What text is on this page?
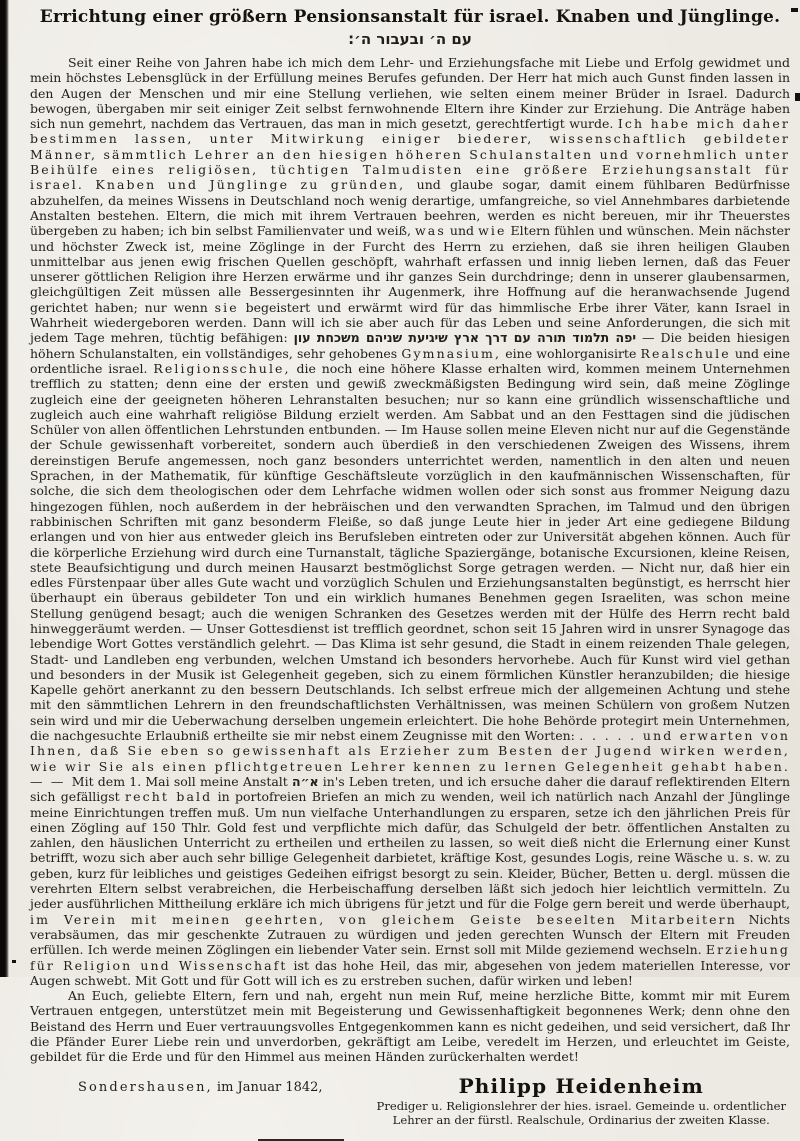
Errichtung einer größern Pensionsanstalt für israel. Knaben und Jünglinge.
עם ה׳ ובעבור ה׳:

Seit einer Reihe von Jahren habe ich mich dem Lehr- und Erziehungsfache mit Liebe und Erfolg gewidmet und mein höchstes Lebensglück in der Erfüllung meines Berufes gefunden. Der Herr hat mich auch Gunst finden lassen in den Augen der Menschen und mir eine Stellung verliehen, wie selten einem meiner Brüder in Israel. Dadurch bewogen, übergaben mir seit einiger Zeit selbst fernwohnende Eltern ihre Kinder zur Erziehung. Die Anträge haben sich nun gemehrt, nachdem das Vertrauen, das man in mich gesetzt, gerechtfertigt wurde. Ich habe mich daher bestimmen lassen, unter Mitwirkung einiger biederer, wissenschaftlich gebildeter Männer, sämmtlich Lehrer an den hiesigen höheren Schulanstalten und vornehmlich unter Beihülfe eines religiösen, tüchtigen Talmudisten eine größere Erziehungsanstalt für israel. Knaben und Jünglinge zu gründen, und glaube sogar, damit einem fühlbaren Bedürfnisse abzuhelfen, da meines Wissens in Deutschland noch wenig derartige, umfangreiche, so viel Annehmbares darbietende Anstalten bestehen. Eltern, die mich mit ihrem Vertrauen beehren, werden es nicht bereuen, mir ihr Theuerstes übergeben zu haben; ich bin selbst Familienvater und weiß, was und wie Eltern fühlen und wünschen. Mein nächster und höchster Zweck ist, meine Zöglinge in der Furcht des Herrn zu erziehen, daß sie ihren heiligen Glauben unmittelbar aus jenen ewig frischen Quellen geschöpft, wahrhaft erfassen und innig lieben lernen, daß das Feuer unserer göttlichen Religion ihre Herzen erwärme und ihr ganzes Sein durchdringe; denn in unserer glaubensarmen, gleichgültigen Zeit müssen alle Bessergesinnten ihr Augenmerk, ihre Hoffnung auf die heranwachsende Jugend gerichtet haben; nur wenn sie begeistert und erwärmt wird für das himmlische Erbe ihrer Väter, kann Israel in Wahrheit wiedergeboren werden. Dann will ich sie aber auch für das Leben und seine Anforderungen, die sich mit jedem Tage mehren, tüchtig befähigen: יפה תלמוד תורה עם דרך ארץ שיגיעת שניהם משכחת עון — Die beiden hiesigen höhern Schulanstalten, ein vollständiges, sehr gehobenes Gymnasium, eine wohlorganisirte Realschule und eine ordentliche israel. Religionsschule, die noch eine höhere Klasse erhalten wird, kommen meinem Unternehmen trefflich zu statten; denn eine der ersten und gewiß zweckmäßigsten Bedingung wird sein, daß meine Zöglinge zugleich eine der geeigneten höheren Lehranstalten besuchen; nur so kann eine gründlich wissenschaftliche und zugleich auch eine wahrhaft religiöse Bildung erzielt werden. Am Sabbat und an den Festtagen sind die jüdischen Schüler von allen öffentlichen Lehrstunden entbunden. — Im Hause sollen meine Eleven nicht nur auf die Gegenstände der Schule gewissenhaft vorbereitet, sondern auch überdieß in den verschiedenen Zweigen des Wissens, ihrem dereinstigen Berufe angemessen, noch ganz besonders unterrichtet werden, namentlich in den alten und neuen Sprachen, in der Mathematik, für künftige Geschäftsleute vorzüglich in den kaufmännischen Wissenschaften, für solche, die sich dem theologischen oder dem Lehrfache widmen wollen oder sich sonst aus frommer Neigung dazu hingezogen fühlen, noch außerdem in der hebräischen und den verwandten Sprachen, im Talmud und den übrigen rabbinischen Schriften mit ganz besonderm Fleiße, so daß junge Leute hier in jeder Art eine gediegene Bildung erlangen und von hier aus entweder gleich ins Berufsleben eintreten oder zur Universität abgehen können. Auch für die körperliche Erziehung wird durch eine Turnanstalt, tägliche Spaziergänge, botanische Excursionen, kleine Reisen, stete Beaufsichtigung und durch meinen Hausarzt bestmöglichst Sorge getragen werden. — Nicht nur, daß hier ein edles Fürstenpaar über alles Gute wacht und vorzüglich Schulen und Erziehungsanstalten begünstigt, es herrscht hier überhaupt ein überaus gebildeter Ton und ein wirklich humanes Benehmen gegen Israeliten, was schon meine Stellung genügend besagt; auch die wenigen Schranken des Gesetzes werden mit der Hülfe des Herrn recht bald hinweggeräumt werden. — Unser Gottesdienst ist trefflich geordnet, schon seit 15 Jahren wird in unsrer Synagoge das lebendige Wort Gottes verständlich gelehrt. — Das Klima ist sehr gesund, die Stadt in einem reizenden Thale gelegen, Stadt- und Landleben eng verbunden, welchen Umstand ich besonders hervorhebe. Auch für Kunst wird viel gethan und besonders in der Musik ist Gelegenheit gegeben, sich zu einem förmlichen Künstler heranzubilden; die hiesige Kapelle gehört anerkannt zu den bessern Deutschlands. Ich selbst erfreue mich der allgemeinen Achtung und stehe mit den sämmtlichen Lehrern in den freundschaftlichsten Verhältnissen, was meinen Schülern von großem Nutzen sein wird und mir die Ueberwachung derselben ungemein erleichtert. Die hohe Behörde protegirt mein Unternehmen, die nachgesuchte Erlaubniß ertheilte sie mir nebst einem Zeugnisse mit den Worten: .  .  .  .  .  und erwarten von Ihnen, daß Sie eben so gewissenhaft als Erzieher zum Besten der Jugend wirken werden, wie wir Sie als einen pflichtgetreuen Lehrer kennen zu lernen Gelegenheit gehabt haben. — — Mit dem 1. Mai soll meine Anstalt א״ה in's Leben treten, und ich ersuche daher die darauf reflektirenden Eltern sich gefälligst recht bald in portofreien Briefen an mich zu wenden, weil ich natürlich nach Anzahl der Jünglinge meine Einrichtungen treffen muß. Um nun vielfache Unterhandlungen zu ersparen, setze ich den jährlichen Preis für einen Zögling auf 150 Thlr. Gold fest und verpflichte mich dafür, das Schulgeld der betr. öffentlichen Anstalten zu zahlen, den häuslichen Unterricht zu ertheilen und ertheilen zu lassen, so weit dieß nicht die Erlernung einer Kunst betrifft, wozu sich aber auch sehr billige Gelegenheit darbietet, kräftige Kost, gesundes Logis, reine Wäsche u. s. w. zu geben, kurz für leibliches und geistiges Gedeihen eifrigst besorgt zu sein. Kleider, Bücher, Betten u. dergl. müssen die verehrten Eltern selbst verabreichen, die Herbeischaffung derselben läßt sich jedoch hier leichtlich vermitteln. Zu jeder ausführlichen Mittheilung erkläre ich mich übrigens für jetzt und für die Folge gern bereit und werde überhaupt, im Verein mit meinen geehrten, von gleichem Geiste beseelten Mitarbeitern Nichts verabsäumen, das mir geschenkte Zutrauen zu würdigen und jeden gerechten Wunsch der Eltern mit Freuden erfüllen. Ich werde meinen Zöglingen ein liebender Vater sein. Ernst soll mit Milde geziemend wechseln. Erziehung für Religion und Wissenschaft ist das hohe Heil, das mir, abgesehen von jedem materiellen Interesse, vor Augen schwebt. Mit Gott und für Gott will ich es zu erstreben suchen, dafür wirken und leben!

An Euch, geliebte Eltern, fern und nah, ergeht nun mein Ruf, meine herzliche Bitte, kommt mir mit Eurem Vertrauen entgegen, unterstützet mein mit Begeisterung und Gewissenhaftigkeit begonnenes Werk; denn ohne den Beistand des Herrn und Euer vertrauungsvolles Entgegenkommen kann es nicht gedeihen, und seid versichert, daß Ihr die Pfänder Eurer Liebe rein und unverdorben, gekräftigt am Leibe, veredelt im Herzen, und erleuchtet im Geiste, gebildet für die Erde und für den Himmel aus meinen Händen zurückerhalten werdet!

Sondershausen, im Januar 1842,	Philipp Heidenheim
Prediger u. Religionslehrer der hies. israel. Gemeinde u. ordentlicher
Lehrer an der fürstl. Realschule, Ordinarius der zweiten Klasse.
